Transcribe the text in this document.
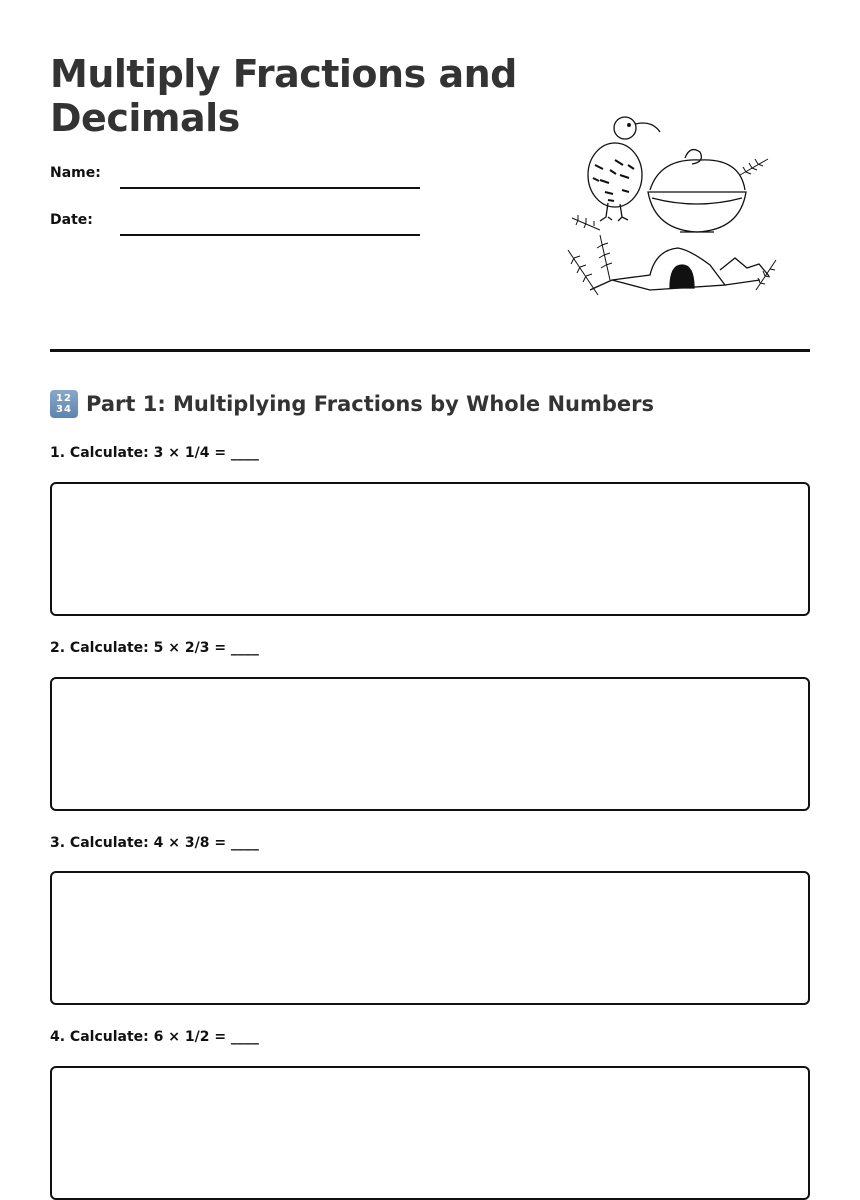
Multiply Fractions and Decimals
Name:
Date:
12
34 Part 1: Multiplying Fractions by Whole Numbers
1. Calculate: 3 × 1/4 = ____
2. Calculate: 5 × 2/3 = ____
3. Calculate: 4 × 3/8 = ____
4. Calculate: 6 × 1/2 = ____
